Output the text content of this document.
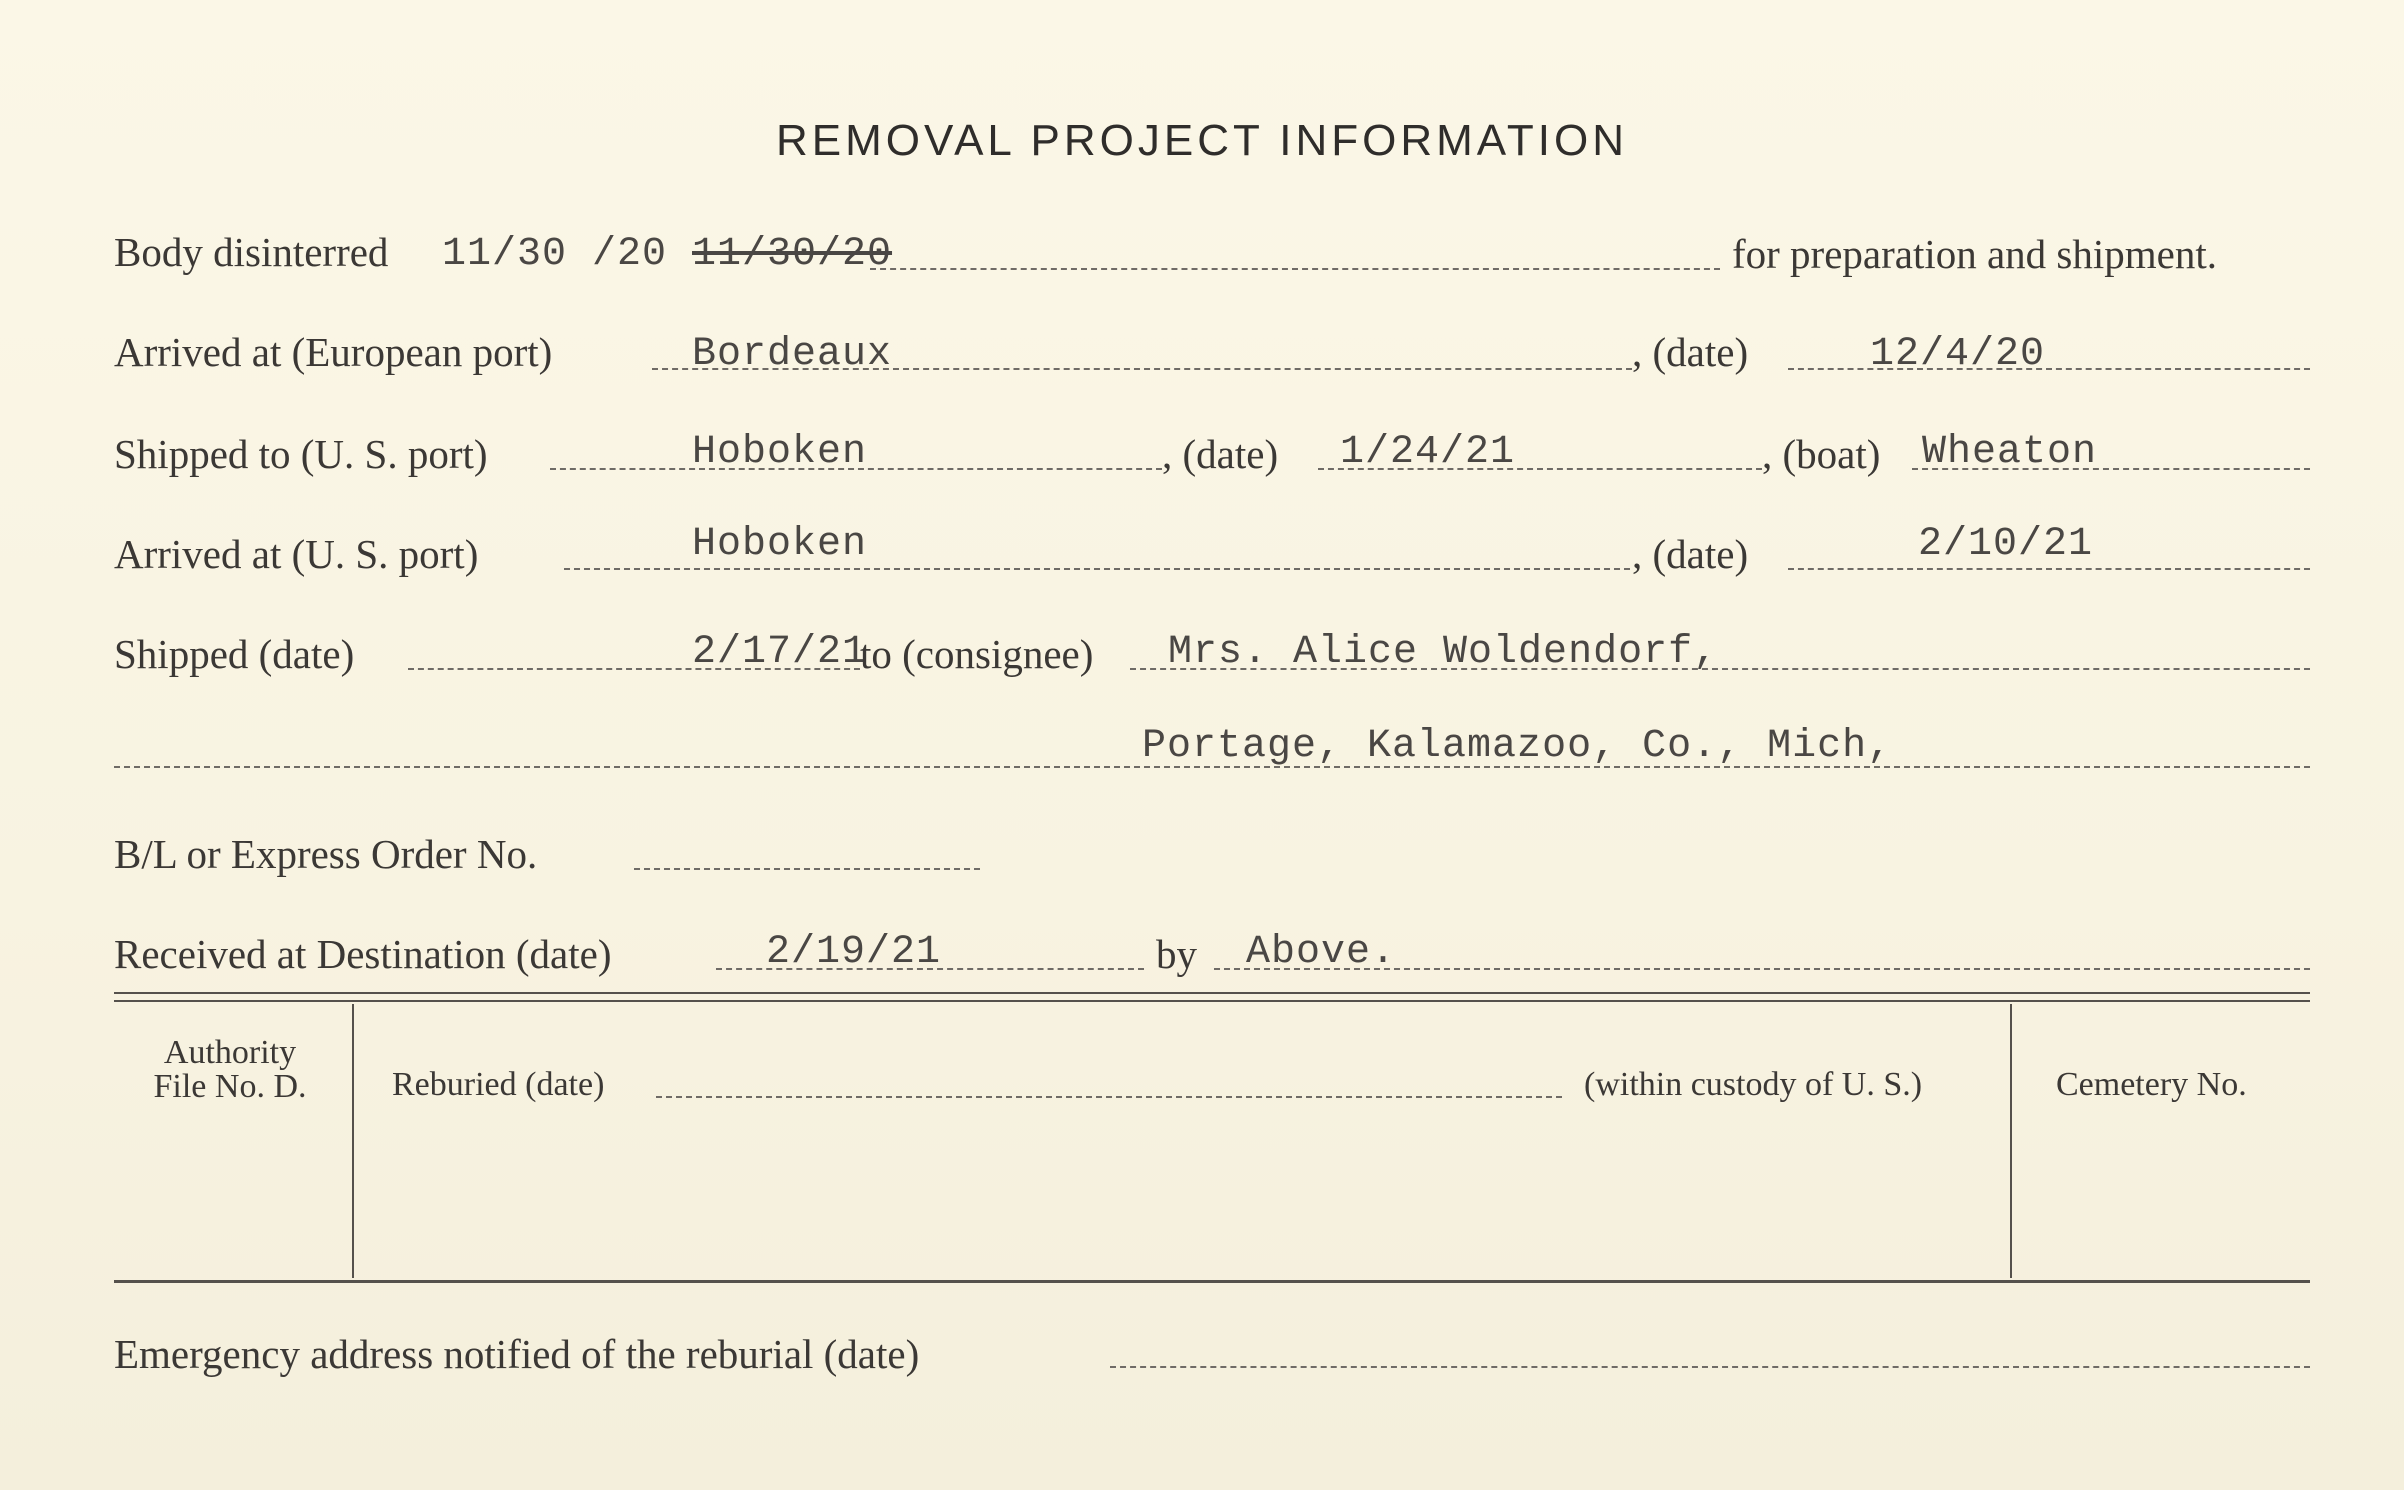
REMOVAL PROJECT INFORMATION
Body disinterred 11/30 /20 11/30/20	for preparation and shipment.
Arrived at (European port)	Bordeaux	, (date)	12/4/20
Shipped to (U. S. port)	Hoboken	, (date) 1/24/21	, (boat) Wheaton
Arrived at (U. S. port)	Hoboken	, (date)	2/10/21
Shipped (date)	2/17/21
to (consignee) Mrs. Alice Woldendorf,
Portage, Kalamazoo, Co., Mich,
B/L or Express Order No.
Received at Destination (date)	2/19/21	by Above.
Authority
File No. D.	Reburied (date)	(within custody of U. S.)	Cemetery No.
Emergency address notified of the reburial (date)
